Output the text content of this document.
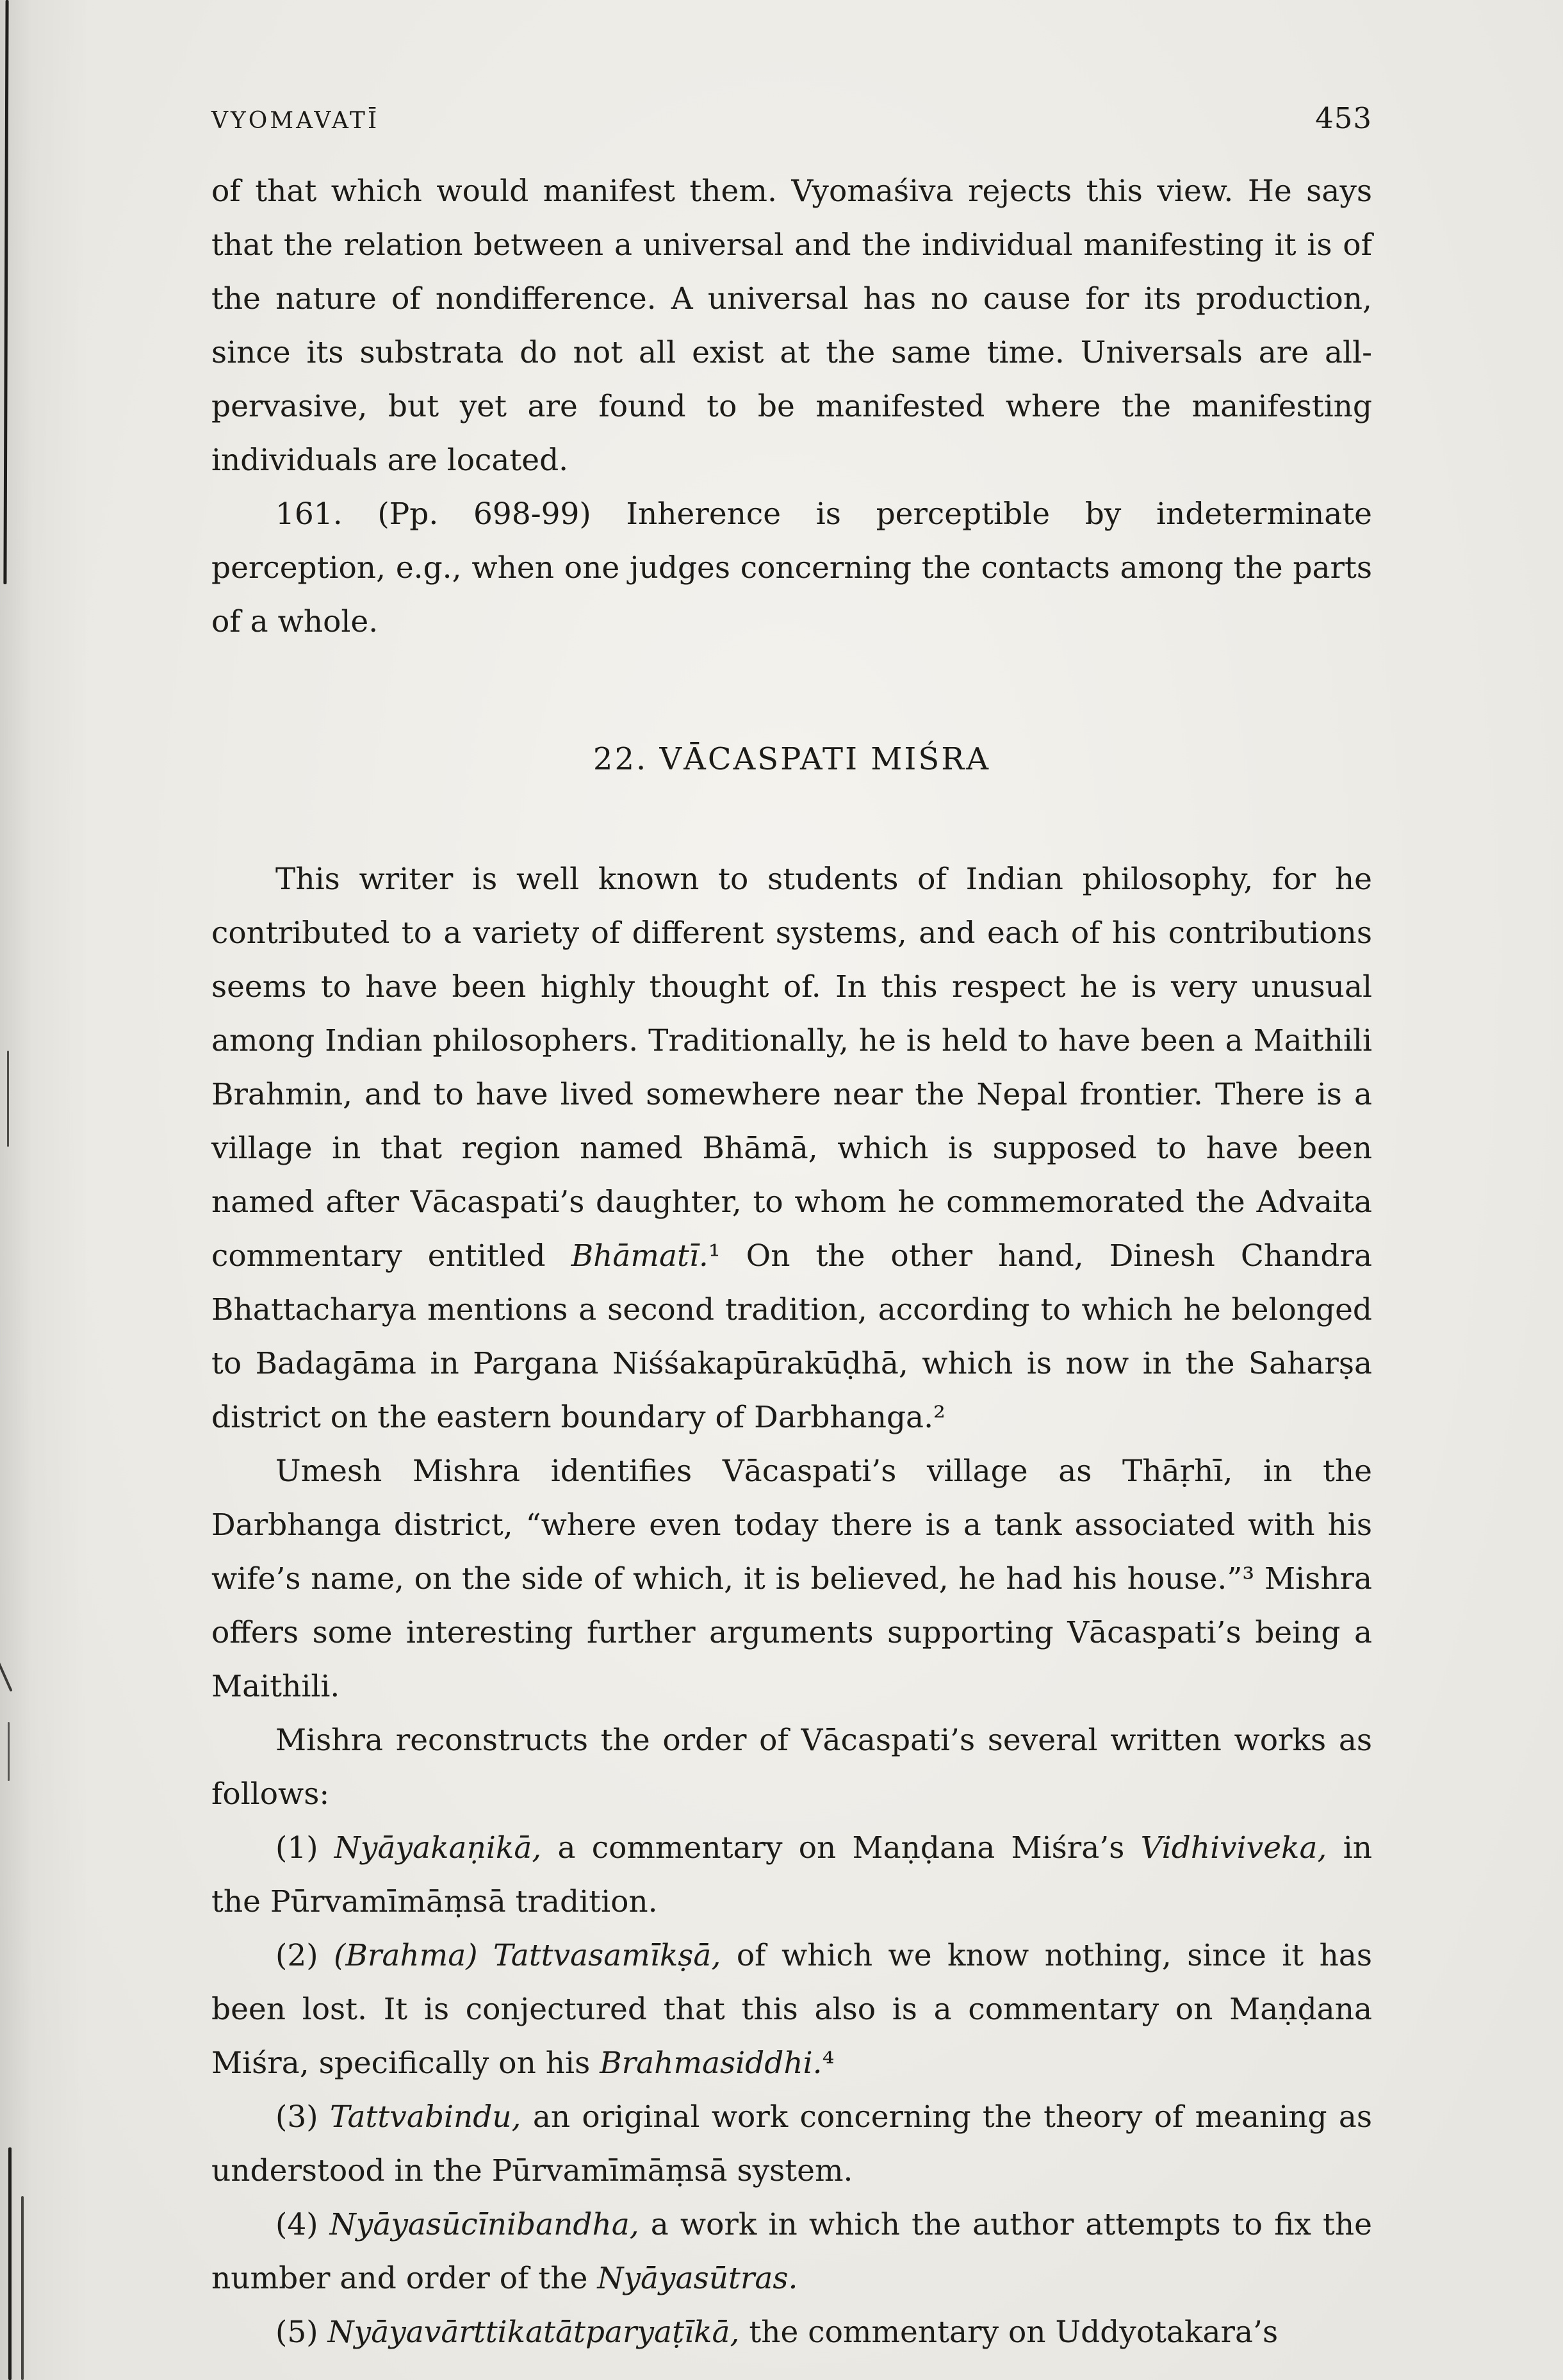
VYOMAVATĪ	453

of that which would manifest them. Vyomaśiva rejects this view. He says that the relation between a universal and the individual manifesting it is of the nature of nondifference. A universal has no cause for its production, since its substrata do not all exist at the same time. Universals are all-pervasive, but yet are found to be manifested where the manifesting individuals are located.

161. (Pp. 698-99) Inherence is perceptible by indeterminate perception, e.g., when one judges concerning the contacts among the parts of a whole.

22. VĀCASPATI MIŚRA

This writer is well known to students of Indian philosophy, for he contributed to a variety of different systems, and each of his contributions seems to have been highly thought of. In this respect he is very unusual among Indian philosophers. Traditionally, he is held to have been a Maithili Brahmin, and to have lived somewhere near the Nepal frontier. There is a village in that region named Bhāmā, which is supposed to have been named after Vācaspati’s daughter, to whom he commemorated the Advaita commentary entitled Bhāmatī.¹ On the other hand, Dinesh Chandra Bhattacharya mentions a second tradition, according to which he belonged to Badagāma in Pargana Niśśakapūrakūḍhā, which is now in the Saharṣa district on the eastern boundary of Darbhanga.²

Umesh Mishra identifies Vācaspati’s village as Thāṛhī, in the Darbhanga district, “where even today there is a tank associated with his wife’s name, on the side of which, it is believed, he had his house.”³ Mishra offers some interesting further arguments supporting Vācaspati’s being a Maithili.

Mishra reconstructs the order of Vācaspati’s several written works as follows:

(1) Nyāyakaṇikā, a commentary on Maṇḍana Miśra’s Vidhiviveka, in the Pūrvamīmāṃsā tradition.

(2) (Brahma) Tattvasamīkṣā, of which we know nothing, since it has been lost. It is conjectured that this also is a commentary on Maṇḍana Miśra, specifically on his Brahmasiddhi.⁴

(3) Tattvabindu, an original work concerning the theory of meaning as understood in the Pūrvamīmāṃsā system.

(4) Nyāyasūcīnibandha, a work in which the author attempts to fix the number and order of the Nyāyasūtras.

(5) Nyāyavārttikatātparyaṭīkā, the commentary on Uddyotakara’s
